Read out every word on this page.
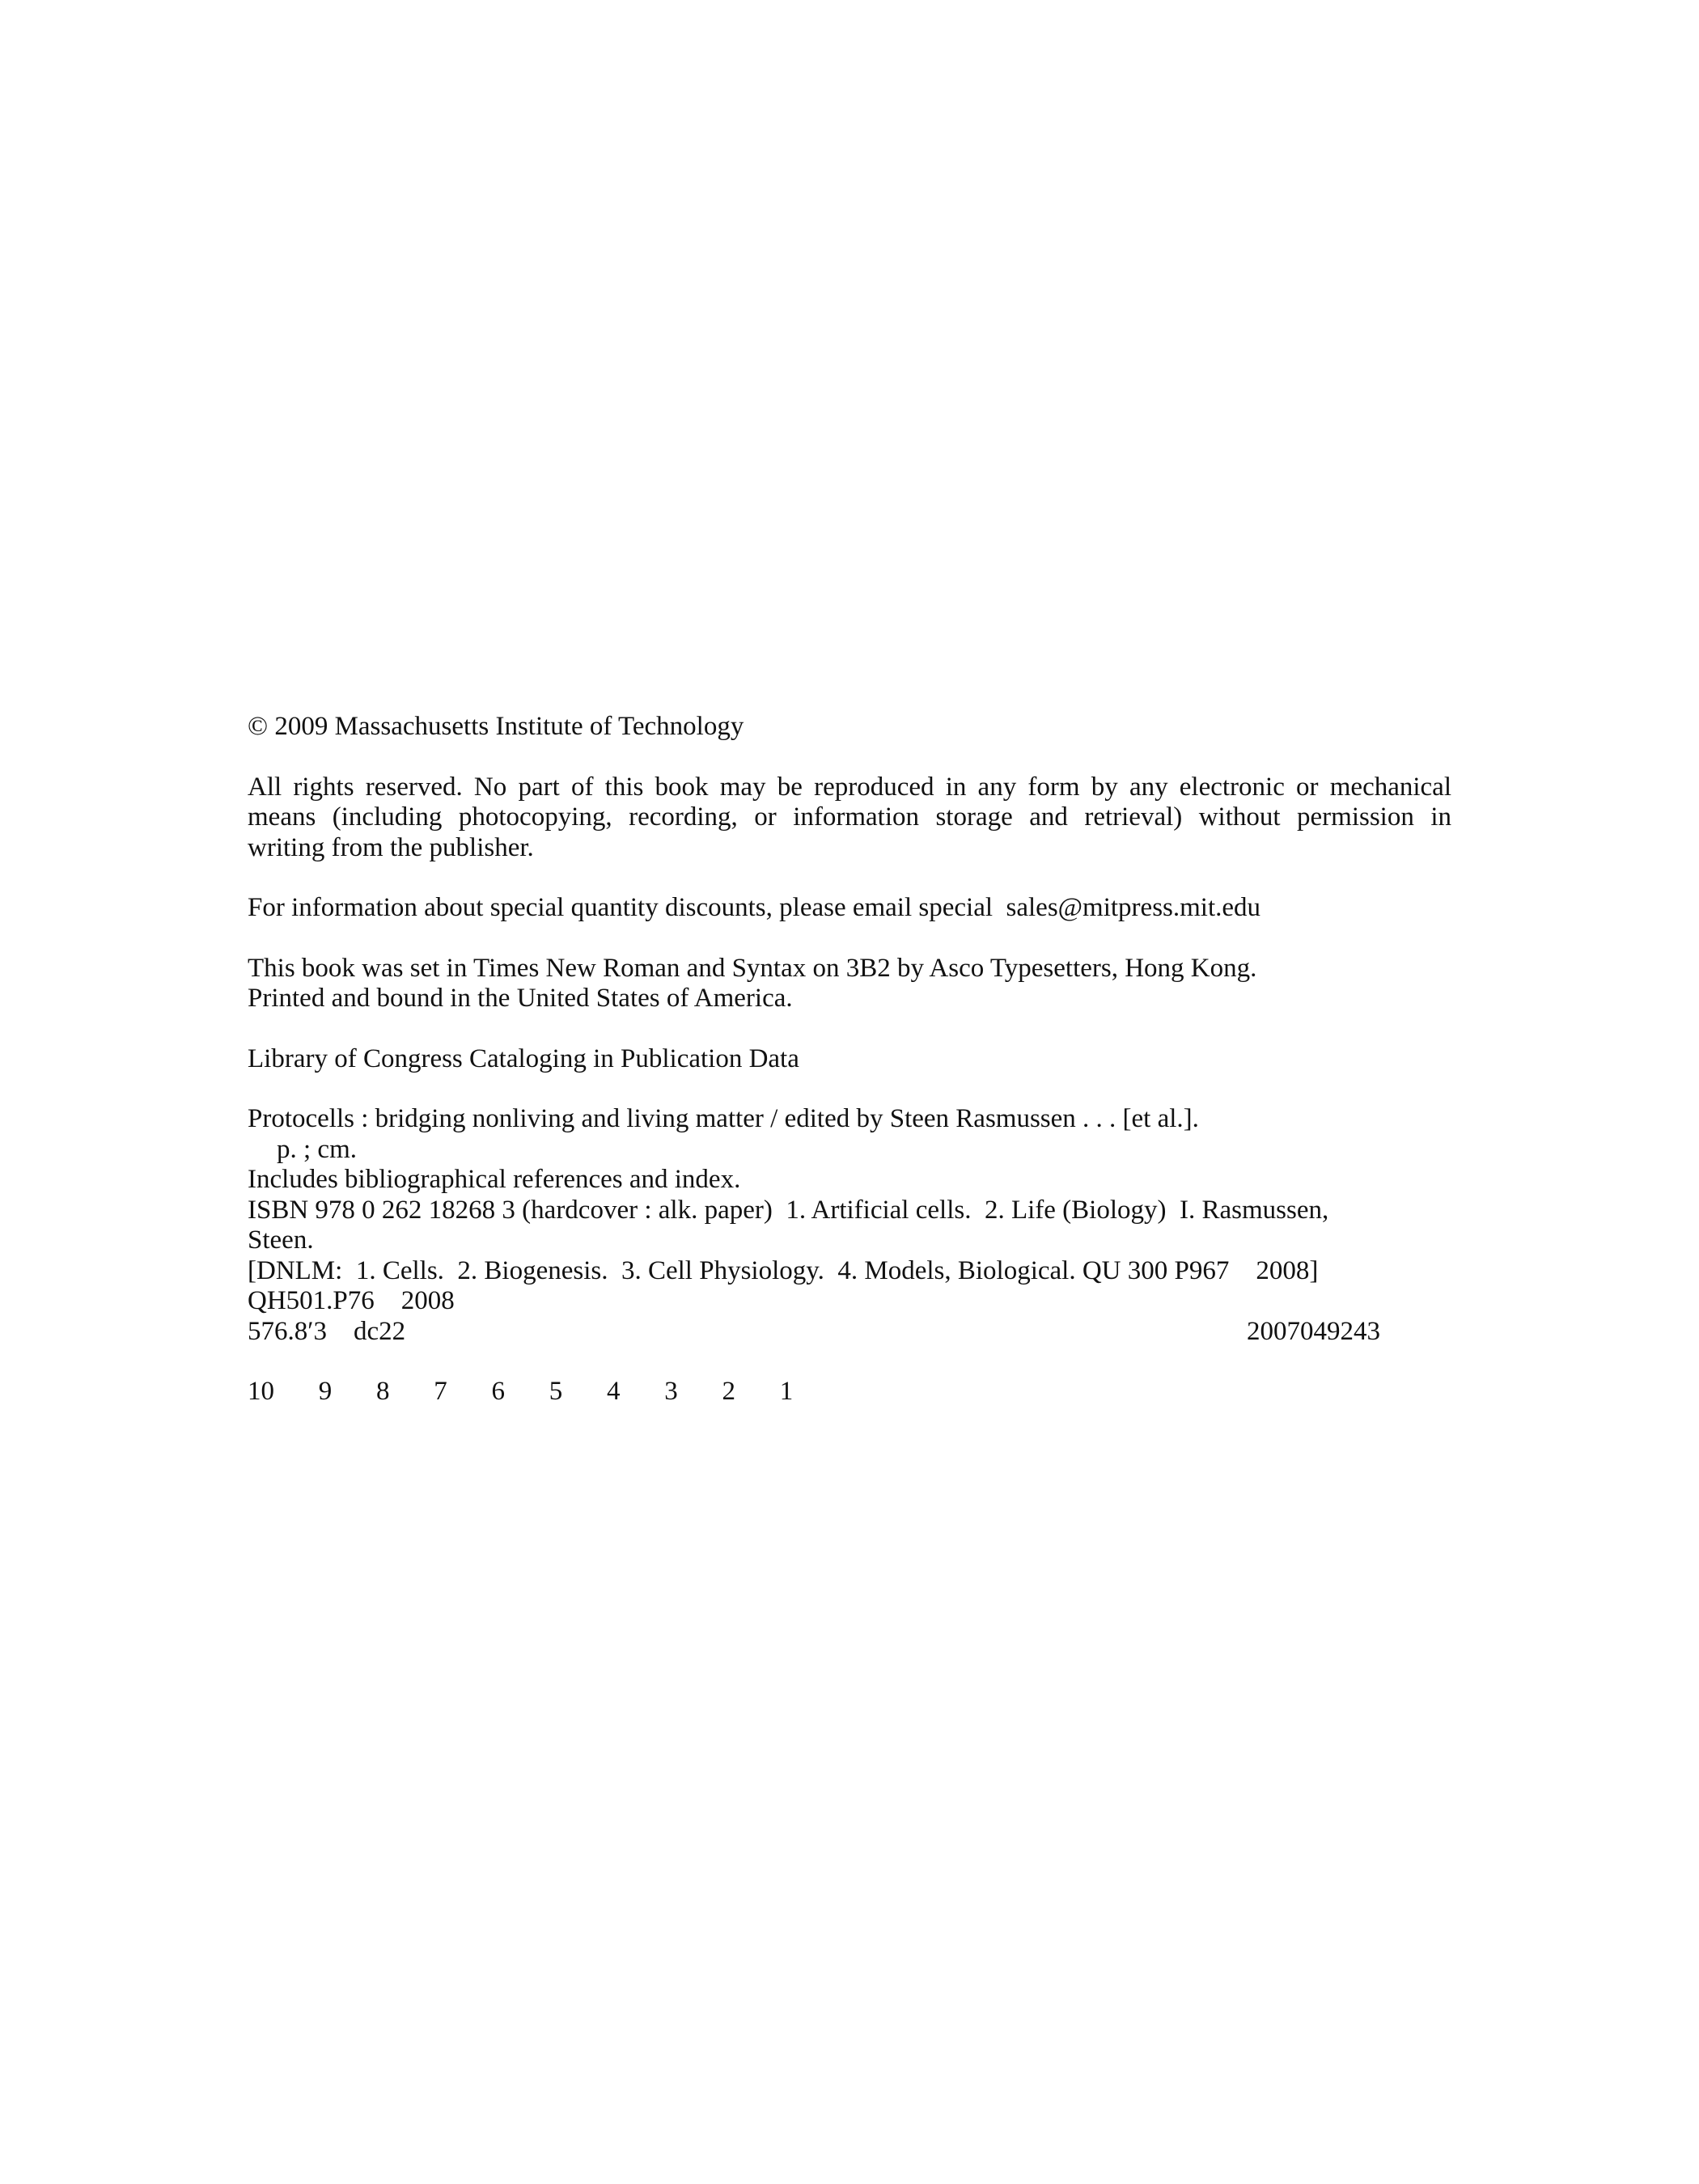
© 2009 Massachusetts Institute of Technology

All rights reserved. No part of this book may be reproduced in any form by any electronic or mechanical
means (including photocopying, recording, or information storage and retrieval) without permission in
writing from the publisher.

For information about special quantity discounts, please email special  sales@mitpress.mit.edu

This book was set in Times New Roman and Syntax on 3B2 by Asco Typesetters, Hong Kong.
Printed and bound in the United States of America.

Library of Congress Cataloging in Publication Data

Protocells : bridging nonliving and living matter / edited by Steen Rasmussen . . . [et al.].
p. ; cm.
Includes bibliographical references and index.
ISBN 978 0 262 18268 3 (hardcover : alk. paper)  1. Artificial cells.  2. Life (Biology)  I. Rasmussen,
Steen.
[DNLM:  1. Cells.  2. Biogenesis.  3. Cell Physiology.  4. Models, Biological. QU 300 P967    2008]
QH501.P76    2008
576.8′3    dc22	2007049243

10   9   8   7   6   5   4   3   2   1
